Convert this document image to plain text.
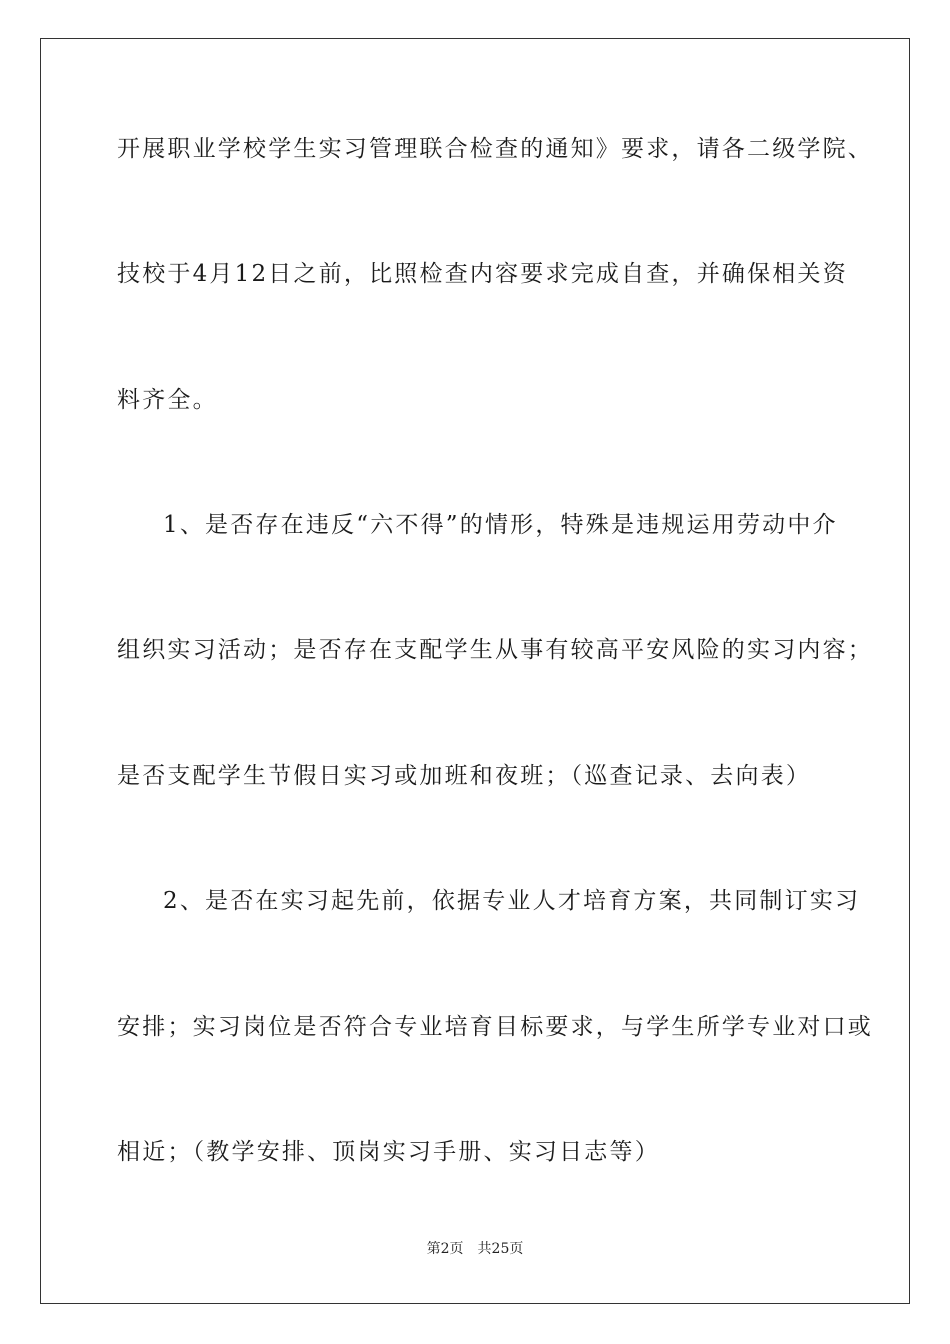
开展职业学校学生实习管理联合检查的通知》要求，请各二级学院、
技校于4月12日之前，比照检查内容要求完成自查，并确保相关资
料齐全。
1、是否存在违反“六不得”的情形，特殊是违规运用劳动中介
组织实习活动；是否存在支配学生从事有较高平安风险的实习内容；
是否支配学生节假日实习或加班和夜班；（巡查记录、去向表）
2、是否在实习起先前，依据专业人才培育方案，共同制订实习
安排；实习岗位是否符合专业培育目标要求，与学生所学专业对口或
相近；（教学安排、顶岗实习手册、实习日志等）
第2页 共25页
